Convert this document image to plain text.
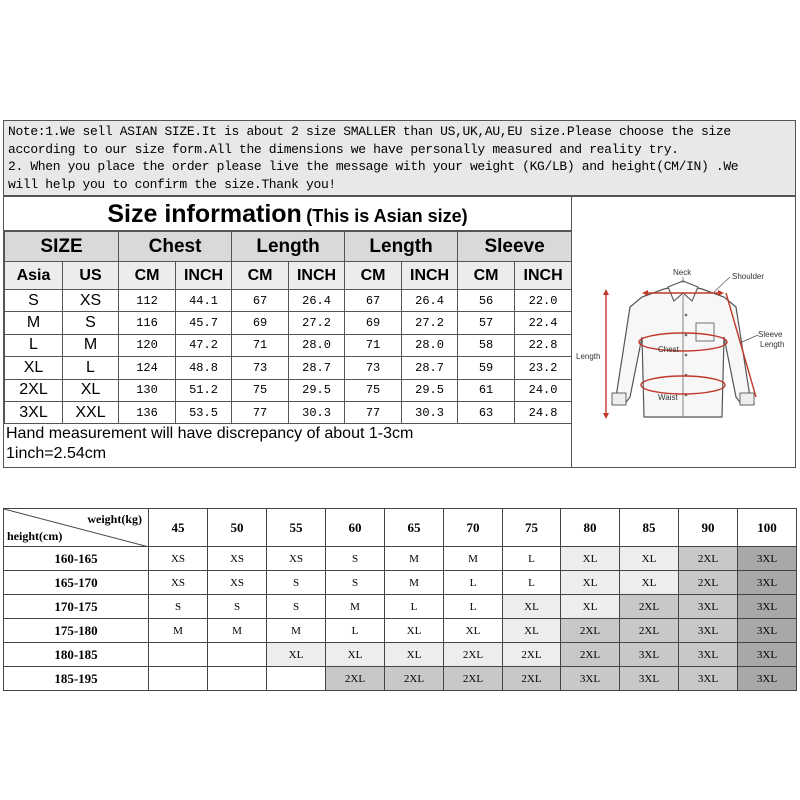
Note:1.We sell ASIAN SIZE.It is about 2 size SMALLER than US,UK,AU,EU size.Please choose the size
according to our size form.All the dimensions we have personally measured and reality try.
2. When you place the order please live the message with your weight (KG/LB) and height(CM/IN) .We
will help you to confirm the size.Thank you!
Size information (This is Asian size)
SIZE		Chest		Length		Length		Sleeve	
Asia	US	CM	INCH	CM	INCH	CM	INCH	CM	INCH
S	XS	112	44.1	67	26.4	67	26.4	56	22.0
M	S	116	45.7	69	27.2	69	27.2	57	22.4
L	M	120	47.2	71	28.0	71	28.0	58	22.8
XL	L	124	48.8	73	28.7	73	28.7	59	23.2
2XL	XL	130	51.2	75	29.5	75	29.5	61	24.0
3XL	XXL	136	53.5	77	30.3	77	30.3	63	24.8
Hand measurement will have discrepancy of about 1-3cm
1inch=2.54cm
Neck	Shoulder
Chest
Sleeve
Length
Length
Waist
weight(kg)
height(cm)	45	50	55	60	65	70	75	80	85	90	100
160-165	XS	XS	XS	S	M	M	L	XL	XL	2XL	3XL
165-170	XS	XS	S	S	M	L	L	XL	XL	2XL	3XL
170-175	S	S	S	M	L	L	XL	XL	2XL	3XL	3XL
175-180	M	M	M	L	XL	XL	XL	2XL	2XL	3XL	3XL
180-185			XL	XL	XL	2XL	2XL	2XL	3XL	3XL	3XL
185-195				2XL	2XL	2XL	2XL	3XL	3XL	3XL	3XL
